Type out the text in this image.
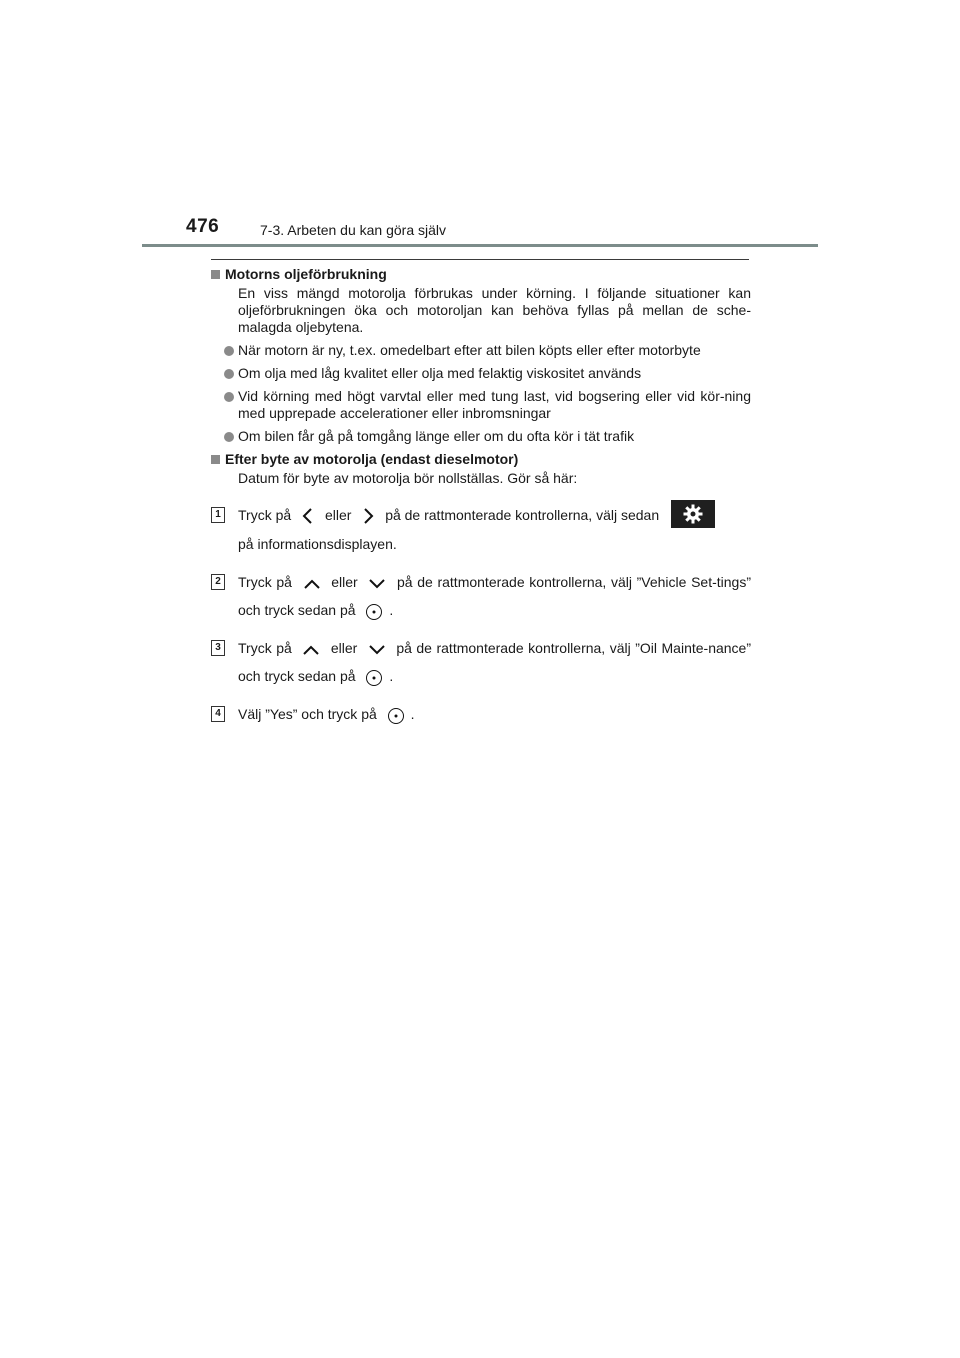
476	7-3. Arbeten du kan göra själv
Motorns oljeförbrukning
En viss mängd motorolja förbrukas under körning. I följande situationer kan oljeförbrukningen öka och motoroljan kan behöva fyllas på mellan de sche-malagda oljebytena.
När motorn är ny, t.ex. omedelbart efter att bilen köpts eller efter motorbyte
Om olja med låg kvalitet eller olja med felaktig viskositet används
Vid körning med högt varvtal eller med tung last, vid bogsering eller vid kör-ning med upprepade accelerationer eller inbromsningar
Om bilen får gå på tomgång länge eller om du ofta kör i tät trafik
Efter byte av motorolja (endast dieselmotor)
Datum för byte av motorolja bör nollställas. Gör så här:
1	Tryck på eller på de rattmonterade kontrollerna, välj sedan

på informationsdisplayen.
2	Tryck på	eller	på de rattmonterade kontrollerna, välj ”Vehicle Set-tings” och tryck sedan på .
3	Tryck på	eller	på de rattmonterade kontrollerna, välj ”Oil Mainte-nance” och tryck sedan på .
4	Välj ”Yes” och tryck på .
